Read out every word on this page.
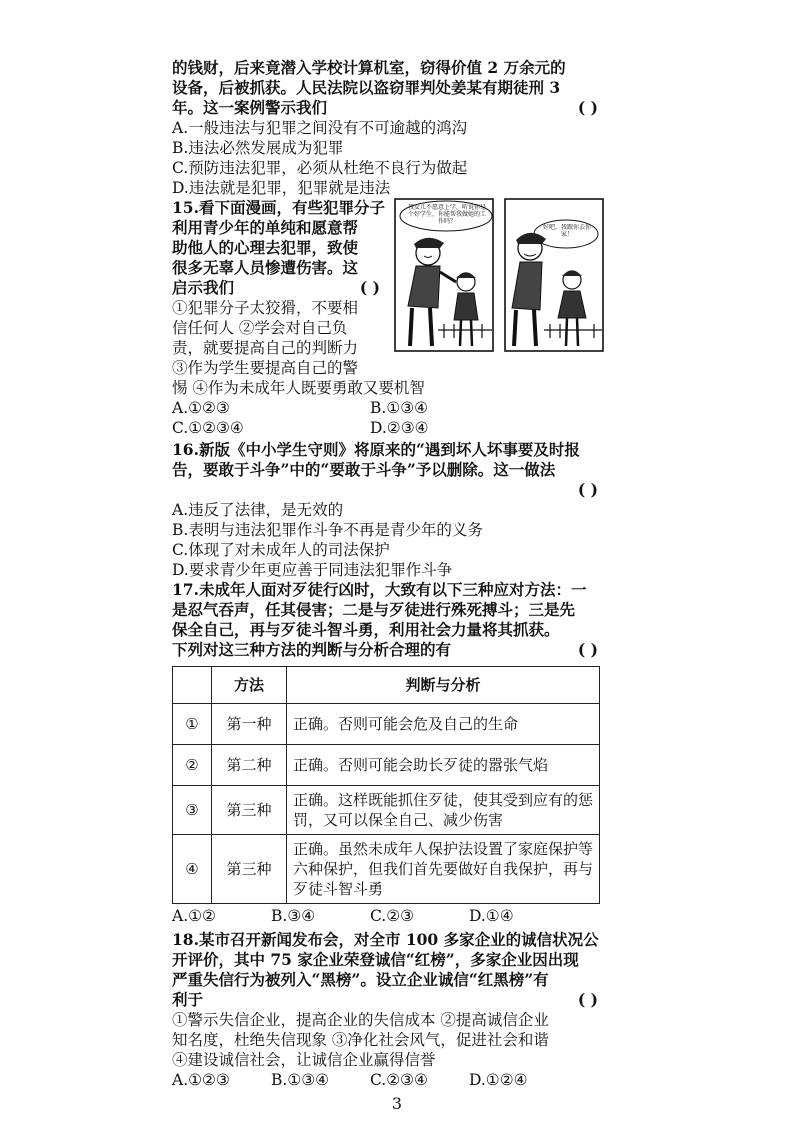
的钱财，后来竟潜入学校计算机室，窃得价值 2 万余元的
设备，后被抓获。人民法院以盗窃罪判处姜某有期徒刑 3
年。这一案例警示我们	( )
A.一般违法与犯罪之间没有不可逾越的鸿沟
B.违法必然发展成为犯罪
C.预防违法犯罪，必须从杜绝不良行为做起
D.违法就是犯罪，犯罪就是违法
15.看下面漫画，有些犯罪分子
利用青少年的单纯和愿意帮
助他人的心理去犯罪，致使
很多无辜人员惨遭伤害。这
启示我们	( )
①犯罪分子太狡猾，不要相
信任何人 ②学会对自己负
责，就要提高自己的判断力
③作为学生要提高自己的警
惕 ④作为未成年人既要勇敢又要机智
A.①②③	B.①③④
C.①②③④	D.②③④
我女儿不愿意上学，听说你是个好学生，你能帮我做她的工作吗？
好吧，我跟你去你家！
16.新版《中小学生守则》将原来的“遇到坏人坏事要及时报
告，要敢于斗争”中的“要敢于斗争”予以删除。这一做法
( )
A.违反了法律，是无效的
B.表明与违法犯罪作斗争不再是青少年的义务
C.体现了对未成年人的司法保护
D.要求青少年更应善于同违法犯罪作斗争
17.未成年人面对歹徒行凶时，大致有以下三种应对方法：一
是忍气吞声，任其侵害；二是与歹徒进行殊死搏斗；三是先
保全自己，再与歹徒斗智斗勇，利用社会力量将其抓获。
下列对这三种方法的判断与分析合理的有	( )
	方法	判断与分析
①	第一种	正确。否则可能会危及自己的生命
②	第二种	正确。否则可能会助长歹徒的嚣张气焰
③	第三种	正确。这样既能抓住歹徒，使其受到应有的惩罚，又可以保全自己、减少伤害
④	第三种	正确。虽然未成年人保护法设置了家庭保护等六种保护，但我们首先要做好自我保护，再与歹徒斗智斗勇
A.①②	B.③④	C.②③	D.①④
18.某市召开新闻发布会，对全市 100 多家企业的诚信状况公
开评价，其中 75 家企业荣登诚信“红榜”，多家企业因出现
严重失信行为被列入“黑榜”。设立企业诚信“红黑榜”有
利于	( )
①警示失信企业，提高企业的失信成本 ②提高诚信企业
知名度，杜绝失信现象 ③净化社会风气，促进社会和谐
④建设诚信社会，让诚信企业赢得信誉
A.①②③	B.①③④	C.②③④	D.①②④
3
